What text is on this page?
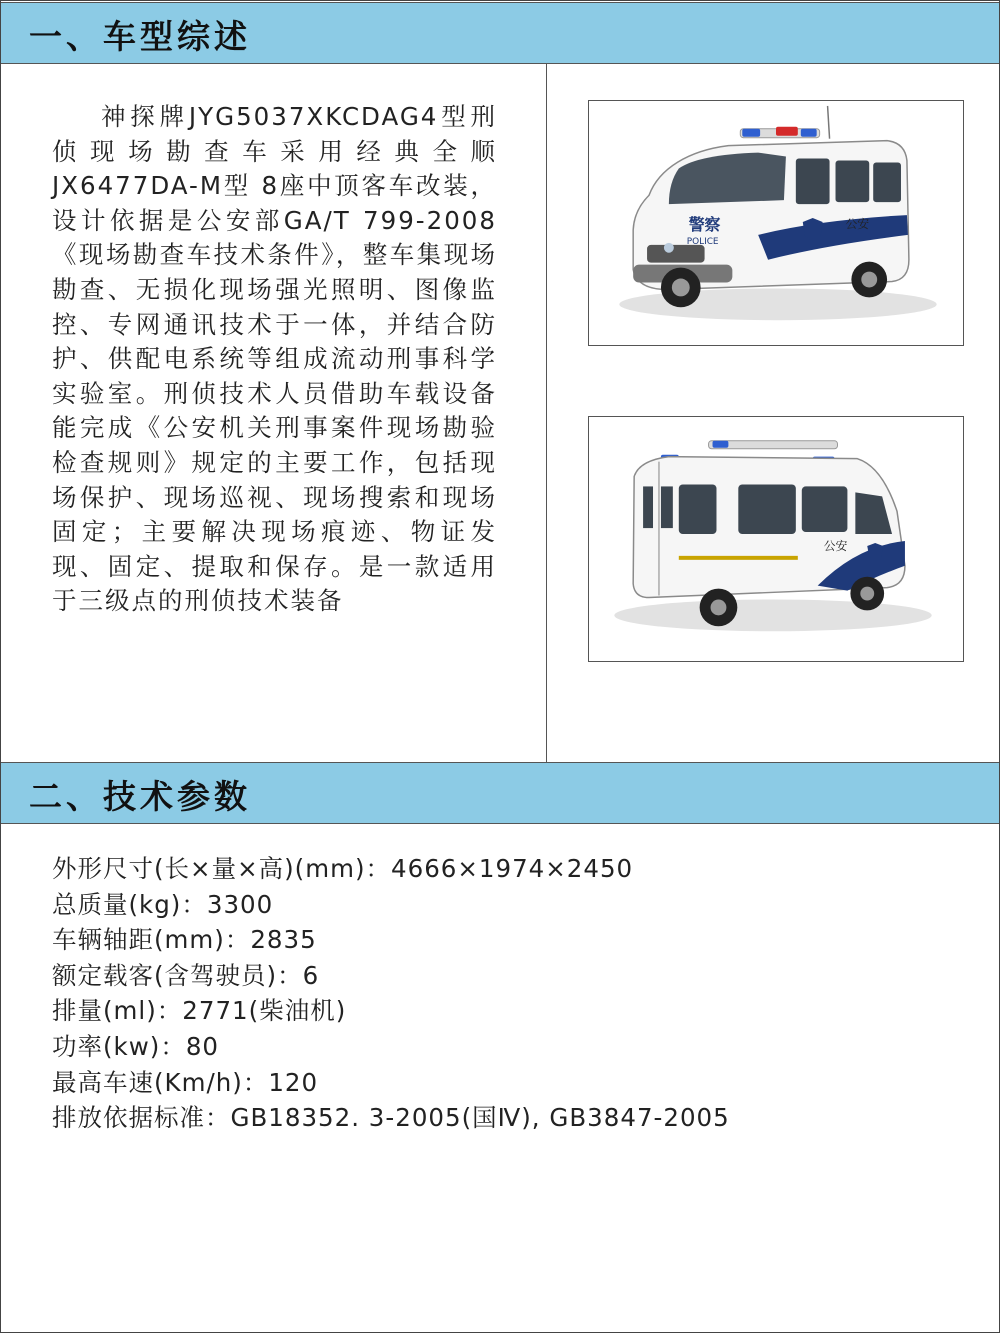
一、车型综述

神探牌JYG5037XKCDAG4型刑侦现场勘查车采用经典全顺JX6477DA-M型 8座中顶客车改装，设计依据是公安部GA/T 799-2008《现场勘查车技术条件》，整车集现场勘查、无损化现场强光照明、图像监控、专网通讯技术于一体，并结合防护、供配电系统等组成流动刑事科学实验室。刑侦技术人员借助车载设备能完成《公安机关刑事案件现场勘验检查规则》规定的主要工作，包括现场保护、现场巡视、现场搜索和现场固定；主要解决现场痕迹、物证发现、固定、提取和保存。是一款适用于三级点的刑侦技术装备

警察
POLICE
公安
公安
二、技术参数
外形尺寸(长×量×高)(mm)：4666×1974×2450
总质量(kg)：3300
车辆轴距(mm)：2835
额定载客(含驾驶员)：6
排量(ml)：2771(柴油机)
功率(kw)：80
最高车速(Km/h)：120
排放依据标准：GB18352. 3-2005(国Ⅳ), GB3847-2005
